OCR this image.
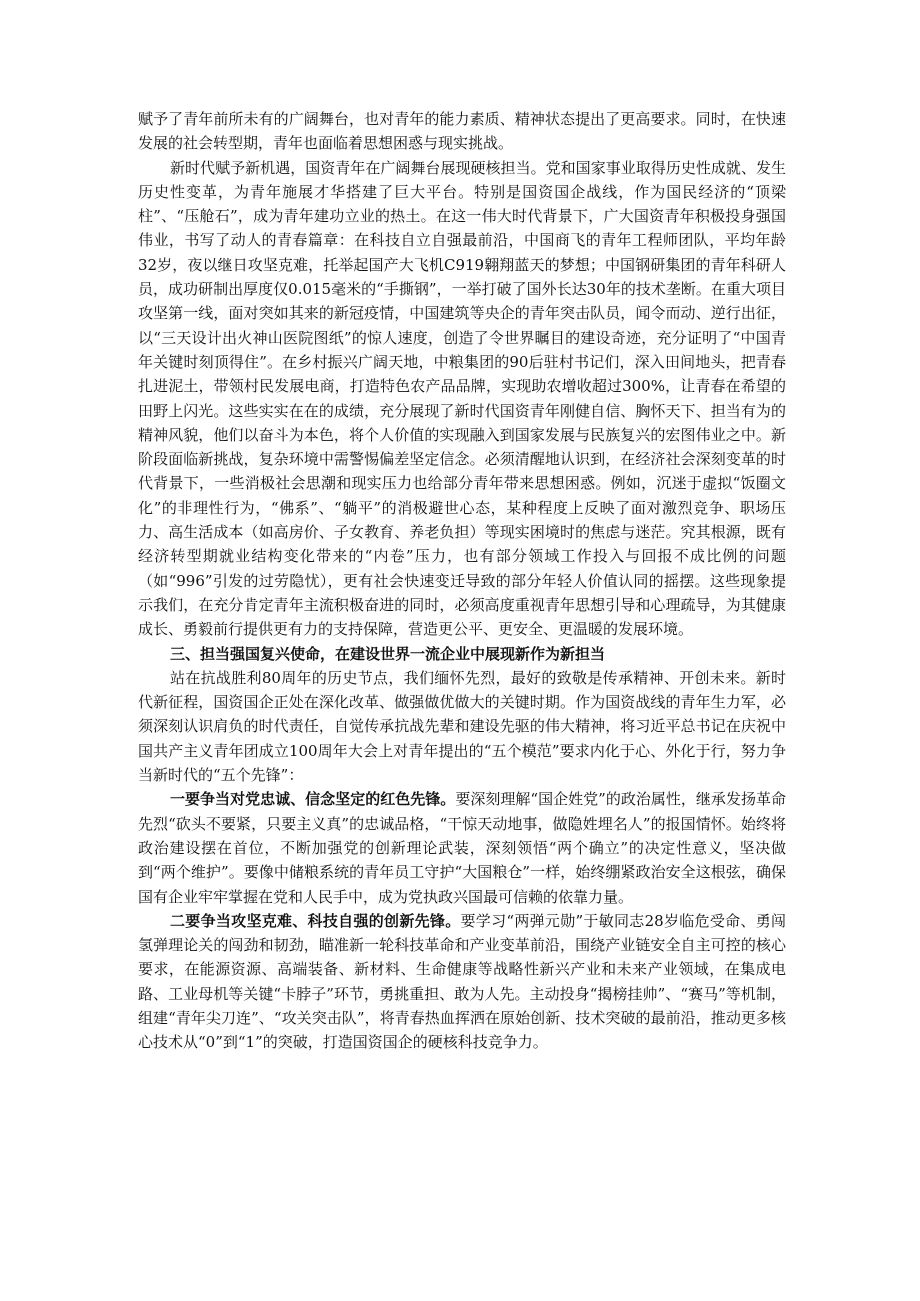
赋予了青年前所未有的广阔舞台，也对青年的能力素质、精神状态提出了更高要求。同时，在快速发展的社会转型期，青年也面临着思想困惑与现实挑战。

新时代赋予新机遇，国资青年在广阔舞台展现硬核担当。党和国家事业取得历史性成就、发生历史性变革，为青年施展才华搭建了巨大平台。特别是国资国企战线，作为国民经济的“顶梁柱”、“压舱石”，成为青年建功立业的热土。在这一伟大时代背景下，广大国资青年积极投身强国伟业，书写了动人的青春篇章：在科技自立自强最前沿，中国商飞的青年工程师团队，平均年龄32岁，夜以继日攻坚克难，托举起国产大飞机C919翱翔蓝天的梦想；中国钢研集团的青年科研人员，成功研制出厚度仅0.015毫米的“手撕钢”，一举打破了国外长达30年的技术垄断。在重大项目攻坚第一线，面对突如其来的新冠疫情，中国建筑等央企的青年突击队员，闻令而动、逆行出征，以“三天设计出火神山医院图纸”的惊人速度，创造了令世界瞩目的建设奇迹，充分证明了“中国青年关键时刻顶得住”。在乡村振兴广阔天地，中粮集团的90后驻村书记们，深入田间地头，把青春扎进泥土，带领村民发展电商，打造特色农产品品牌，实现助农增收超过300%，让青春在希望的田野上闪光。这些实实在在的成绩，充分展现了新时代国资青年刚健自信、胸怀天下、担当有为的精神风貌，他们以奋斗为本色，将个人价值的实现融入到国家发展与民族复兴的宏图伟业之中。新阶段面临新挑战，复杂环境中需警惕偏差坚定信念。必须清醒地认识到，在经济社会深刻变革的时代背景下，一些消极社会思潮和现实压力也给部分青年带来思想困惑。例如，沉迷于虚拟“饭圈文化”的非理性行为，“佛系”、“躺平”的消极避世心态，某种程度上反映了面对激烈竞争、职场压力、高生活成本（如高房价、子女教育、养老负担）等现实困境时的焦虑与迷茫。究其根源，既有经济转型期就业结构变化带来的“内卷”压力，也有部分领域工作投入与回报不成比例的问题（如“996”引发的过劳隐忧），更有社会快速变迁导致的部分年轻人价值认同的摇摆。这些现象提示我们，在充分肯定青年主流积极奋进的同时，必须高度重视青年思想引导和心理疏导，为其健康成长、勇毅前行提供更有力的支持保障，营造更公平、更安全、更温暖的发展环境。

三、担当强国复兴使命，在建设世界一流企业中展现新作为新担当

站在抗战胜利80周年的历史节点，我们缅怀先烈，最好的致敬是传承精神、开创未来。新时代新征程，国资国企正处在深化改革、做强做优做大的关键时期。作为国资战线的青年生力军，必须深刻认识肩负的时代责任，自觉传承抗战先辈和建设先驱的伟大精神，将习近平总书记在庆祝中国共产主义青年团成立100周年大会上对青年提出的“五个模范”要求内化于心、外化于行，努力争当新时代的“五个先锋”：

一要争当对党忠诚、信念坚定的红色先锋。要深刻理解“国企姓党”的政治属性，继承发扬革命先烈“砍头不要紧，只要主义真”的忠诚品格，“干惊天动地事，做隐姓埋名人”的报国情怀。始终将政治建设摆在首位，不断加强党的创新理论武装，深刻领悟“两个确立”的决定性意义，坚决做到“两个维护”。要像中储粮系统的青年员工守护“大国粮仓”一样，始终绷紧政治安全这根弦，确保国有企业牢牢掌握在党和人民手中，成为党执政兴国最可信赖的依靠力量。

二要争当攻坚克难、科技自强的创新先锋。要学习“两弹元勋”于敏同志28岁临危受命、勇闯氢弹理论关的闯劲和韧劲，瞄准新一轮科技革命和产业变革前沿，围绕产业链安全自主可控的核心要求，在能源资源、高端装备、新材料、生命健康等战略性新兴产业和未来产业领域，在集成电路、工业母机等关键“卡脖子”环节，勇挑重担、敢为人先。主动投身“揭榜挂帅”、“赛马”等机制，组建“青年尖刀连”、“攻关突击队”，将青春热血挥洒在原始创新、技术突破的最前沿，推动更多核心技术从“0”到“1”的突破，打造国资国企的硬核科技竞争力。
